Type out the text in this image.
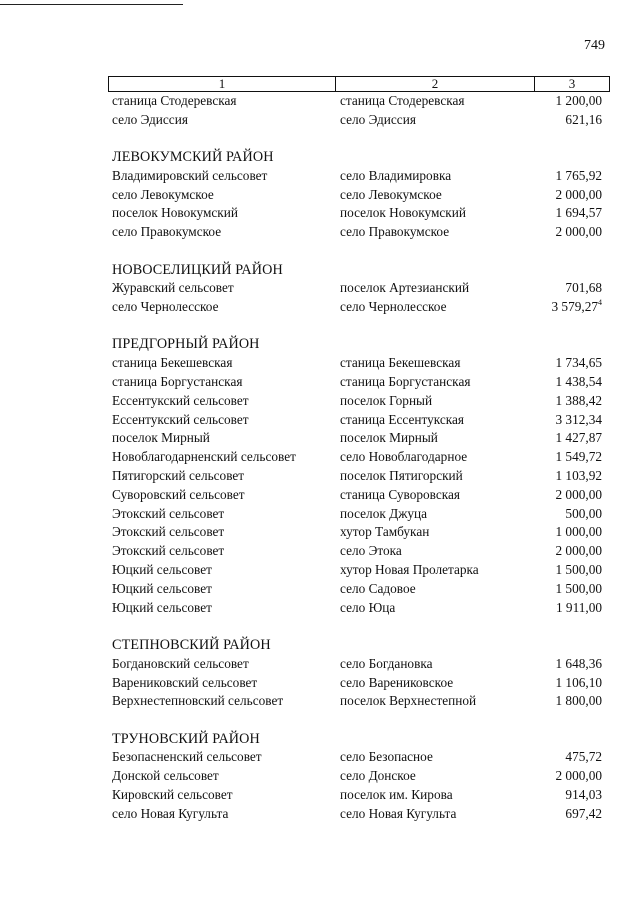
749
1	2	3
станица Стодеревская	станица Стодеревская	1 200,00
село Эдиссия	село Эдиссия	621,16
ЛЕВОКУМСКИЙ РАЙОН
Владимировский сельсовет	село Владимировка	1 765,92
село Левокумское	село Левокумское	2 000,00
поселок Новокумский	поселок Новокумский	1 694,57
село Правокумское	село Правокумское	2 000,00
НОВОСЕЛИЦКИЙ РАЙОН
Журавский сельсовет	поселок Артезианский	701,68
село Чернолесское	село Чернолесское	3 579,27$^4$
ПРЕДГОРНЫЙ РАЙОН
станица Бекешевская	станица Бекешевская	1 734,65
станица Боргустанская	станица Боргустанская	1 438,54
Ессентукский сельсовет	поселок Горный	1 388,42
Ессентукский сельсовет	станица Ессентукская	3 312,34
поселок Мирный	поселок Мирный	1 427,87
Новоблагодарненский сельсовет	село Новоблагодарное	1 549,72
Пятигорский сельсовет	поселок Пятигорский	1 103,92
Суворовский сельсовет	станица Суворовская	2 000,00
Этокский сельсовет	поселок Джуца	500,00
Этокский сельсовет	хутор Тамбукан	1 000,00
Этокский сельсовет	село Этока	2 000,00
Юцкий сельсовет	хутор Новая Пролетарка	1 500,00
Юцкий сельсовет	село Садовое	1 500,00
Юцкий сельсовет	село Юца	1 911,00
СТЕПНОВСКИЙ РАЙОН
Богдановский сельсовет	село Богдановка	1 648,36
Варениковский сельсовет	село Варениковское	1 106,10
Верхнестепновский сельсовет	поселок Верхнестепной	1 800,00
ТРУНОВСКИЙ РАЙОН
Безопасненский сельсовет	село Безопасное	475,72
Донской сельсовет	село Донское	2 000,00
Кировский сельсовет	поселок им. Кирова	914,03
село Новая Кугульта	село Новая Кугульта	697,42
